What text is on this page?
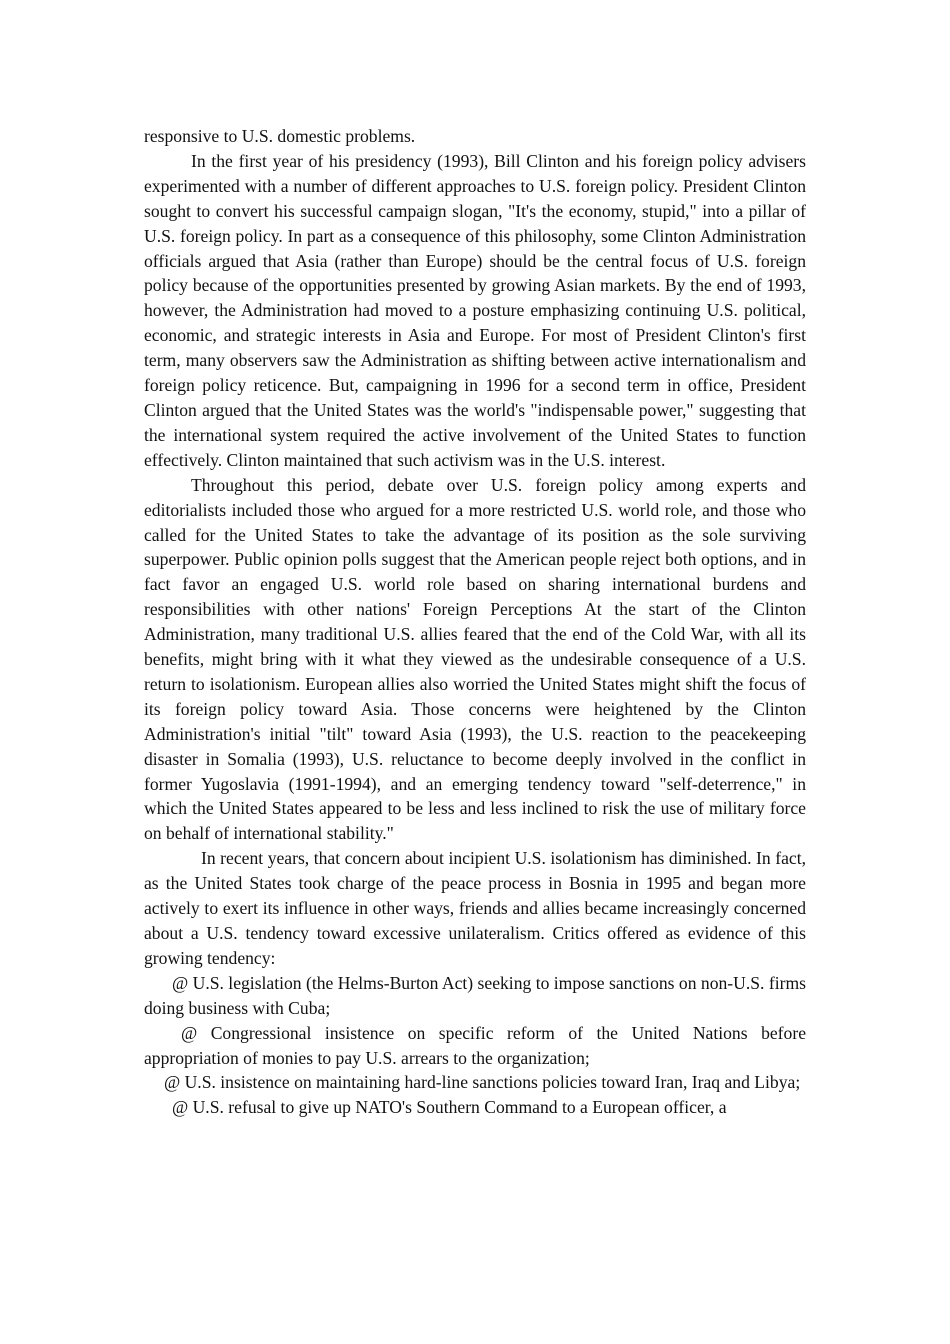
responsive to U.S. domestic problems.

In the first year of his presidency (1993), Bill Clinton and his foreign policy advisers experimented with a number of different approaches to U.S. foreign policy. President Clinton sought to convert his successful campaign slogan, "It's the economy, stupid," into a pillar of U.S. foreign policy. In part as a consequence of this philosophy, some Clinton Administration officials argued that Asia (rather than Europe) should be the central focus of U.S. foreign policy because of the opportunities presented by growing Asian markets. By the end of 1993, however, the Administration had moved to a posture emphasizing continuing U.S. political, economic, and strategic interests in Asia and Europe. For most of President Clinton's first term, many observers saw the Administration as shifting between active internationalism and foreign policy reticence. But, campaigning in 1996 for a second term in office, President Clinton argued that the United States was the world's "indispensable power," suggesting that the international system required the active involvement of the United States to function effectively. Clinton maintained that such activism was in the U.S. interest.

Throughout this period, debate over U.S. foreign policy among experts and editorialists included those who argued for a more restricted U.S. world role, and those who called for the United States to take the advantage of its position as the sole surviving superpower. Public opinion polls suggest that the American people reject both options, and in fact favor an engaged U.S. world role based on sharing international burdens and responsibilities with other nations' Foreign Perceptions At the start of the Clinton Administration, many traditional U.S. allies feared that the end of the Cold War, with all its benefits, might bring with it what they viewed as the undesirable consequence of a U.S. return to isolationism. European allies also worried the United States might shift the focus of its foreign policy toward Asia. Those concerns were heightened by the Clinton Administration's initial "tilt" toward Asia (1993), the U.S. reaction to the peacekeeping disaster in Somalia (1993), U.S. reluctance to become deeply involved in the conflict in former Yugoslavia (1991-1994), and an emerging tendency toward "self-deterrence," in which the United States appeared to be less and less inclined to risk the use of military force on behalf of international stability."

In recent years, that concern about incipient U.S. isolationism has diminished. In fact, as the United States took charge of the peace process in Bosnia in 1995 and began more actively to exert its influence in other ways, friends and allies became increasingly concerned about a U.S. tendency toward excessive unilateralism. Critics offered as evidence of this growing tendency:

@ U.S. legislation (the Helms-Burton Act) seeking to impose sanctions on non-U.S. firms doing business with Cuba;

@ Congressional insistence on specific reform of the United Nations before appropriation of monies to pay U.S. arrears to the organization;

@ U.S. insistence on maintaining hard-line sanctions policies toward Iran, Iraq and Libya;

@ U.S. refusal to give up NATO's Southern Command to a European officer, a
